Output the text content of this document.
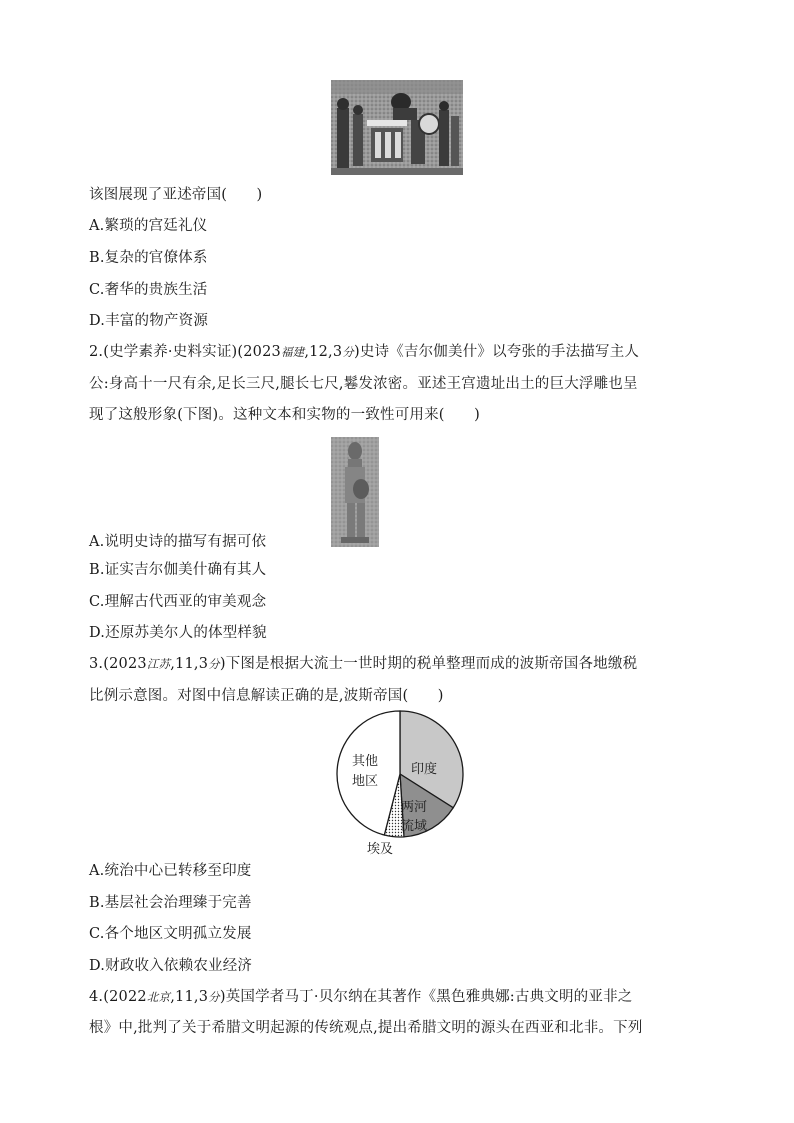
该图展现了亚述帝国(　　)
A.繁琐的宫廷礼仪
B.复杂的官僚体系
C.奢华的贵族生活
D.丰富的物产资源
2.(史学素养·史料实证)(2023福建,12,3分)史诗《吉尔伽美什》以夸张的手法描写主人
公:身高十一尺有余,足长三尺,腿长七尺,鬈发浓密。亚述王宫遗址出土的巨大浮雕也呈
现了这般形象(下图)。这种文本和实物的一致性可用来(　　)
A.说明史诗的描写有据可依
B.证实吉尔伽美什确有其人
C.理解古代西亚的审美观念
D.还原苏美尔人的体型样貌
3.(2023江苏,11,3分)下图是根据大流士一世时期的税单整理而成的波斯帝国各地缴税
比例示意图。对图中信息解读正确的是,波斯帝国(　　)
其他
地区
印度
两河
流域
埃及
A.统治中心已转移至印度
B.基层社会治理臻于完善
C.各个地区文明孤立发展
D.财政收入依赖农业经济
4.(2022北京,11,3分)英国学者马丁·贝尔纳在其著作《黑色雅典娜:古典文明的亚非之
根》中,批判了关于希腊文明起源的传统观点,提出希腊文明的源头在西亚和北非。下列
